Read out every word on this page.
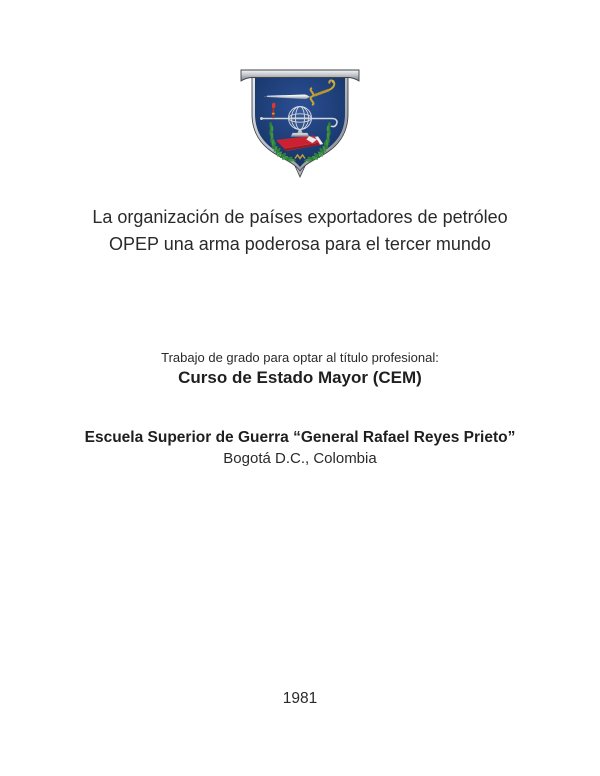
La organización de países exportadores de petróleo
OPEP una arma poderosa para el tercer mundo
Trabajo de grado para optar al título profesional:
Curso de Estado Mayor (CEM)
Escuela Superior de Guerra “General Rafael Reyes Prieto”
Bogotá D.C., Colombia
1981
